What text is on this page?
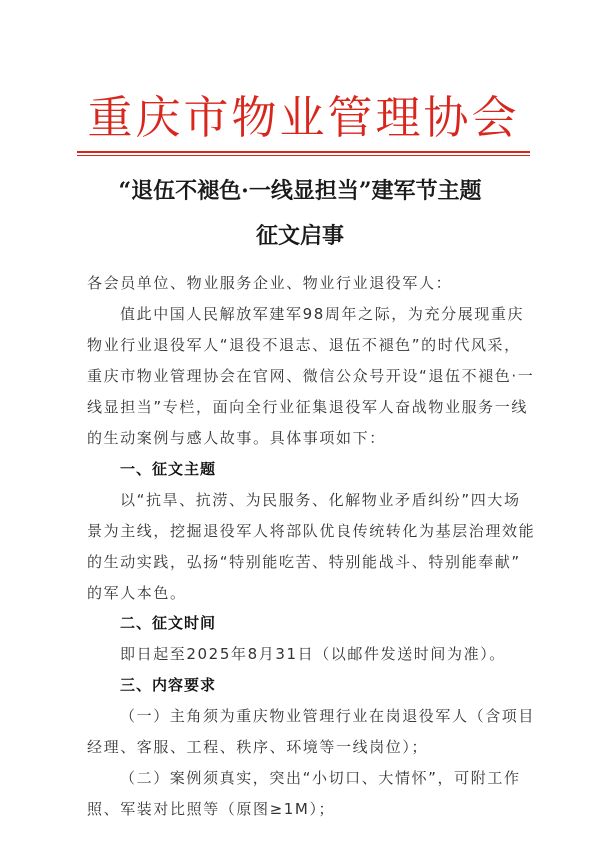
重庆市物业管理协会
“退伍不褪色·一线显担当”建军节主题
征文启事
各会员单位、物业服务企业、物业行业退役军人：
值此中国人民解放军建军98周年之际，为充分展现重庆
物业行业退役军人“退役不退志、退伍不褪色”的时代风采，
重庆市物业管理协会在官网、微信公众号开设“退伍不褪色·一
线显担当”专栏，面向全行业征集退役军人奋战物业服务一线
的生动案例与感人故事。具体事项如下：
以“抗旱、抗涝、为民服务、化解物业矛盾纠纷”四大场
景为主线，挖掘退役军人将部队优良传统转化为基层治理效能
的生动实践，弘扬“特别能吃苦、特别能战斗、特别能奉献”
的军人本色。
即日起至2025年8月31日（以邮件发送时间为准）。
（一）主角须为重庆物业管理行业在岗退役军人（含项目
经理、客服、工程、秩序、环境等一线岗位）；
（二）案例须真实，突出“小切口、大情怀”，可附工作
照、军装对比照等（原图≥1M）；
一、征文主题
二、征文时间
三、内容要求
